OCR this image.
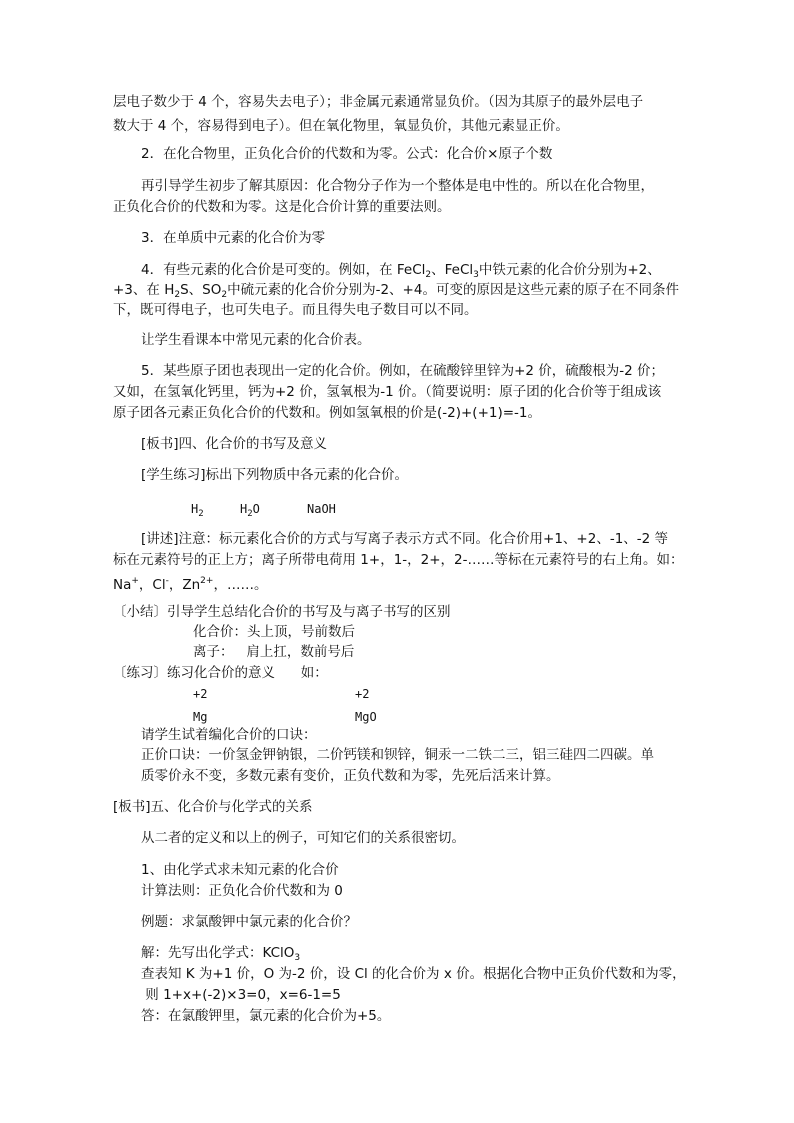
层电子数少于 4 个，容易失去电子）；非金属元素通常显负价。（因为其原子的最外层电子
数大于 4 个，容易得到电子）。但在氧化物里，氧显负价，其他元素显正价。
2．在化合物里，正负化合价的代数和为零。公式：化合价×原子个数
再引导学生初步了解其原因：化合物分子作为一个整体是电中性的。所以在化合物里，
正负化合价的代数和为零。这是化合价计算的重要法则。
3．在单质中元素的化合价为零
4．有些元素的化合价是可变的。例如，在 FeCl$_2$、FeCl$_3$中铁元素的化合价分别为+2、
+3、在 $H_2S$、$SO_2$中硫元素的化合价分别为-2、+4。可变的原因是这些元素的原子在不同条件
下，既可得电子，也可失电子。而且得失电子数目可以不同。
让学生看课本中常见元素的化合价表。
5．某些原子团也表现出一定的化合价。例如，在硫酸锌里锌为+2 价，硫酸根为-2 价；
又如，在氢氧化钙里，钙为+2 价，氢氧根为-1 价。（简要说明：原子团的化合价等于组成该
原子团各元素正负化合价的代数和。例如氢氧根的价是(-2)+(+1)=-1。
[板书]四、化合价的书写及意义
[学生练习]标出下列物质中各元素的化合价。
$H_2$	$H_2O$	NaOH
[讲述]注意：标元素化合价的方式与写离子表示方式不同。化合价用+1、+2、-1、-2 等
标在元素符号的正上方；离子所带电荷用 1+，1-，2+，2-……等标在元素符号的右上角。如：
Na+，Cl-，$Zn^{2+}$，……。
〔小结〕引导学生总结化合价的书写及与离子书写的区别
化合价：头上顶，号前数后
离子：   肩上扛，数前号后
〔练习〕练习化合价的意义      如：
+2	+2
Mg	MgO
请学生试着编化合价的口诀：
正价口诀：一价氢金钾钠银，二价钙镁和钡锌，铜汞一二铁二三，铝三硅四二四碳。单
质零价永不变，多数元素有变价，正负代数和为零，先死后活来计算。
[板书]五、化合价与化学式的关系
从二者的定义和以上的例子，可知它们的关系很密切。
1、由化学式求未知元素的化合价
计算法则：正负化合价代数和为 0
例题：求氯酸钾中氯元素的化合价？
解：先写出化学式：KClO$_3$
查表知 K 为+1 价，O 为-2 价，设 Cl 的化合价为 x 价。根据化合物中正负价代数和为零，
则 1+x+(-2)×3=0，x=6-1=5
答：在氯酸钾里，氯元素的化合价为+5。
